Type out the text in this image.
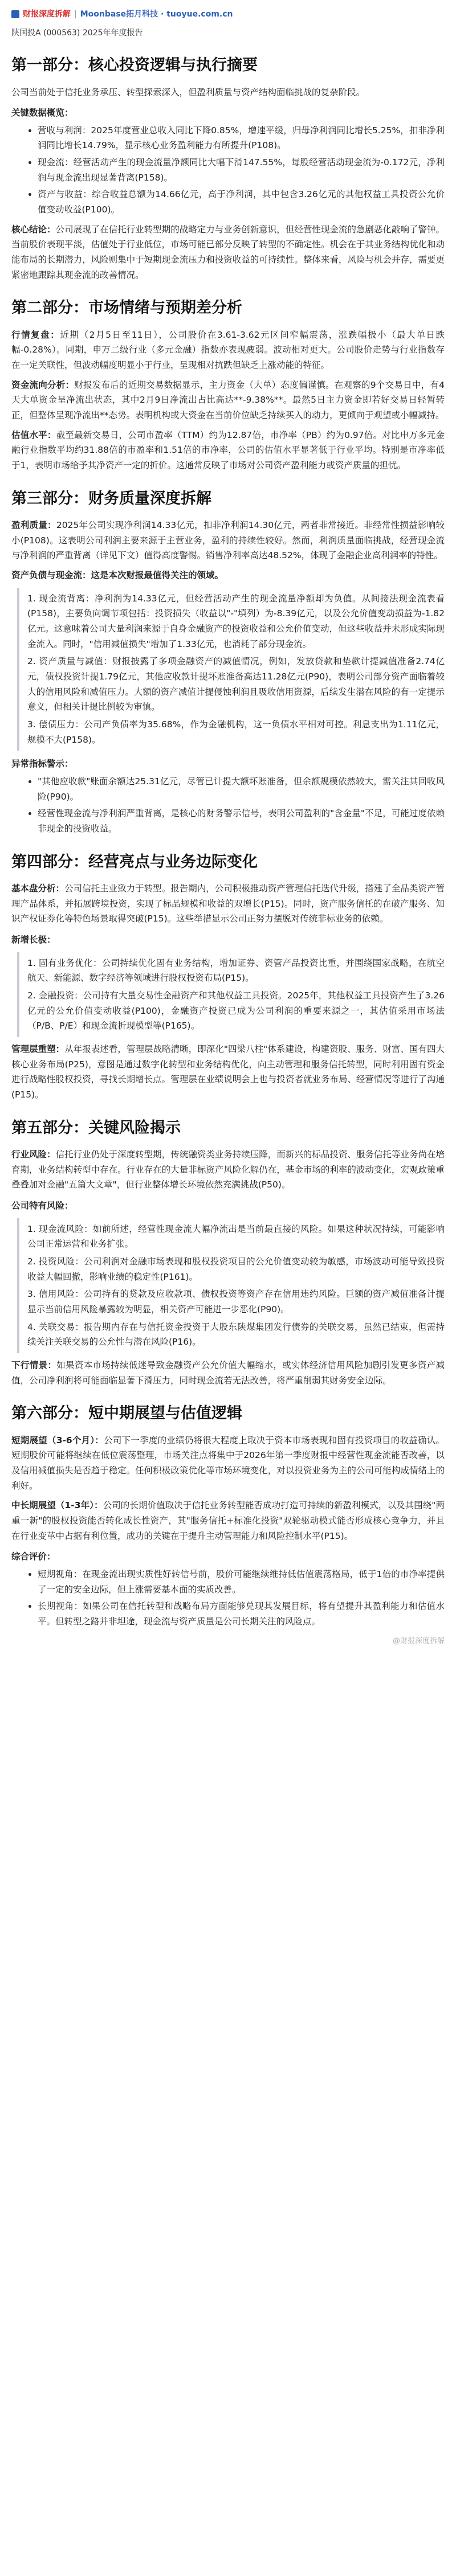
财报深度拆解 | Moonbase拓月科技 · tuoyue.com.cn
陕国投A (000563) 2025年年度报告
第一部分：核心投资逻辑与执行摘要

公司当前处于信托业务承压、转型探索深入，但盈利质量与资产结构面临挑战的复杂阶段。

关键数据概览：
• 营收与利润：2025年度营业总收入同比下降0.85%，增速平缓，归母净利润同比增长5.25%，扣非净利润同比增长14.79%，显示核心业务盈利能力有所提升(P108)。
• 现金流：经营活动产生的现金流量净额同比大幅下滑147.55%，每股经营活动现金流为-0.172元，净利润与现金流出现显著背离(P158)。
• 资产与收益：综合收益总额为14.66亿元，高于净利润，其中包含3.26亿元的其他权益工具投资公允价值变动收益(P100)。

核心结论：公司展现了在信托行业转型期的战略定力与业务创新意识，但经营性现金流的急剧恶化敲响了警钟。当前股价表现平淡，估值处于行业低位，市场可能已部分反映了转型的不确定性。机会在于其业务结构优化和动能布局的长期潜力，风险则集中于短期现金流压力和投资收益的可持续性。整体来看，风险与机会并存，需要更紧密地跟踪其现金流的改善情况。

第二部分：市场情绪与预期差分析

行情复盘：近期（2月5日至11日），公司股价在3.61-3.62元区间窄幅震荡，涨跌幅极小（最大单日跌幅-0.28%）。同期，申万二级行业（多元金融）指数亦表现疲弱。波动相对更大。公司股价走势与行业指数存在一定关联性，但波动幅度明显小于行业，呈现相对抗跌但缺乏上涨动能的特征。

资金流向分析：财报发布后的近期交易数据显示，主力资金（大单）态度偏谨慎。在观察的9个交易日中，有4天大单资金呈净流出状态，其中2月9日净流出占比高达**-9.38%**。最然5日主力资金即若好交易日轻暂转正，但整体呈现净流出**态势。表明机构或大资金在当前价位缺乏持续买入的动力，更倾向于观望或小幅减持。

估值水平：截至最新交易日，公司市盈率（TTM）约为12.87倍，市净率（PB）约为0.97倍。对比申万多元金融行业指数平均约31.88倍的市盈率和1.51倍的市净率，公司的估值水平显著低于行业平均。特别是市净率低于1，表明市场给予其净资产一定的折价。这通常反映了市场对公司资产盈利能力或资产质量的担忧。

第三部分：财务质量深度拆解

盈利质量：2025年公司实现净利润14.33亿元，扣非净利润14.30亿元，两者非常接近。非经常性损益影响较小(P108)。这表明公司利润主要来源于主营业务，盈利的持续性较好。然而，利润质量面临挑战，经营现金流与净利润的严重背离（详见下文）值得高度警惕。销售净利率高达48.52%，体现了金融企业高利润率的特性。

资产负债与现金流：这是本次财报最值得关注的领域。

1. 现金流背离：净利润为14.33亿元，但经营活动产生的现金流量净额却为负值。从间接法现金流表看(P158)，主要负向调节项包括：投资损失（收益以"-"填列）为-8.39亿元，以及公允价值变动损益为-1.82亿元。这意味着公司大量利润来源于自身金融资产的投资收益和公允价值变动，但这些收益并未形成实际现金流入。同时，"信用减值损失"增加了1.33亿元，也消耗了部分现金流。

2. 资产质量与减值：财报披露了多项金融资产的减值情况，例如，发放贷款和垫款计提减值准备2.74亿元，债权投资计提1.79亿元，其他应收款计提坏账准备高达11.28亿元(P90)，表明公司部分资产面临着较大的信用风险和减值压力。大额的资产减值计提侵蚀利润且吸收信用资源，后续发生潜在风险的有一定提示意义，但相关计提比例较为审慎。

3. 偿债压力：公司产负债率为35.68%，作为金融机构，这一负债水平相对可控。利息支出为1.11亿元，规模不大(P158)。

异常指标警示：
• "其他应收款"账面余额达25.31亿元，尽管已计提大额坏账准备，但余额规模依然较大，需关注其回收风险(P90)。
• 经营性现金流与净利润严重背离，是核心的财务警示信号，表明公司盈利的"含金量"不足，可能过度依赖非现金的投资收益。
第四部分：经营亮点与业务边际变化

基本盘分析：公司信托主业致力于转型。报告期内，公司积极推动资产管理信托迭代升级，搭建了全品类资产管理产品体系，并拓展跨境投资，实现了标品规模和收益的双增长(P15)。同时，资产服务信托的在破产服务、知识产权证券化等特色场景取得突破(P15)。这些举措显示公司正努力摆脱对传统非标业务的依赖。

新增长极：

1. 固有业务优化：公司持续优化固有业务结构，增加证券、资管产品投资比重，并围绕国家战略，在航空航天、新能源、数字经济等领域进行股权投资布局(P15)。

2. 金融投资：公司持有大量交易性金融资产和其他权益工具投资。2025年，其他权益工具投资产生了3.26亿元的公允价值变动收益(P100)，金融资产投资已成为公司利润的重要来源之一，其估值采用市场法（P/B、P/E）和现金流折现模型等(P165)。

管理层重塑：从年报表述看，管理层战略清晰，即深化"四梁八柱"体系建设，构建资股、服务、财富、国有四大核心业务布局(P25)，意图是通过数字化转型和业务结构优化，向主动管理和服务信托转型，同时利用固有资金进行战略性股权投资，寻找长期增长点。管理层在业绩说明会上也与投资者就业务布局、经营情况等进行了沟通(P15)。

第五部分：关键风险揭示

行业风险：信托行业仍处于深度转型期，传统融资类业务持续压降，而新兴的标品投资、服务信托等业务尚在培育期，业务结构转型中存在。行业存在的大量非标资产风险化解仍在，基金市场的利率的波动变化，宏观政策重叠叠加对金融"五篇大文章"，但行业整体增长环境依然充满挑战(P50)。

公司特有风险：

1. 现金流风险：如前所述，经营性现金流大幅净流出是当前最直接的风险。如果这种状况持续，可能影响公司正常运营和业务扩张。

2. 投资风险：公司利润对金融市场表现和股权投资项目的公允价值变动较为敏感，市场波动可能导致投资收益大幅回撤，影响业绩的稳定性(P161)。

3. 信用风险：公司持有的贷款及应收款项、债权投资等资产存在信用违约风险。巨额的资产减值准备计提显示当前信用风险暴露较为明显，相关资产可能进一步恶化(P90)。

4. 关联交易：报告期内存在与信托资金投资于大股东陕煤集团发行债券的关联交易，虽然已结束，但需持续关注关联交易的公允性与潜在风险(P16)。

下行情景：如果资本市场持续低迷导致金融资产公允价值大幅缩水，或实体经济信用风险加剧引发更多资产减值，公司净利润将可能面临显著下滑压力，同时现金流若无法改善，将严重削弱其财务安全边际。

第六部分：短中期展望与估值逻辑

短期展望（3-6个月）：公司下一季度的业绩仍将很大程度上取决于资本市场表现和固有投资项目的收益确认。短期股价可能将继续在低位震荡整理，市场关注点将集中于2026年第一季度财报中经营性现金流能否改善，以及信用减值损失是否趋于稳定。任何积极政策优化等市场环境变化，对以投资业务为主的公司可能构成情绪上的利好。

中长期展望（1-3年）：公司的长期价值取决于信托业务转型能否成功打造可持续的新盈利模式，以及其围绕"两重一新"的股权投资能否转化成长性资产，其"服务信托+标准化投资"双轮驱动模式能否形成核心竞争力，并且在行业变革中占据有利位置，成功的关键在于提升主动管理能力和风险控制水平(P15)。

综合评价：
• 短期视角：在现金流出现实质性好转信号前，股价可能继续维持低估值震荡格局，低于1倍的市净率提供了一定的安全边际，但上涨需要基本面的实质改善。
• 长期视角：如果公司在信托转型和战略布局方面能够兑现其发展目标，将有望提升其盈利能力和估值水平。但转型之路并非坦途，现金流与资产质量是公司长期关注的风险点。
@财报深度拆解
